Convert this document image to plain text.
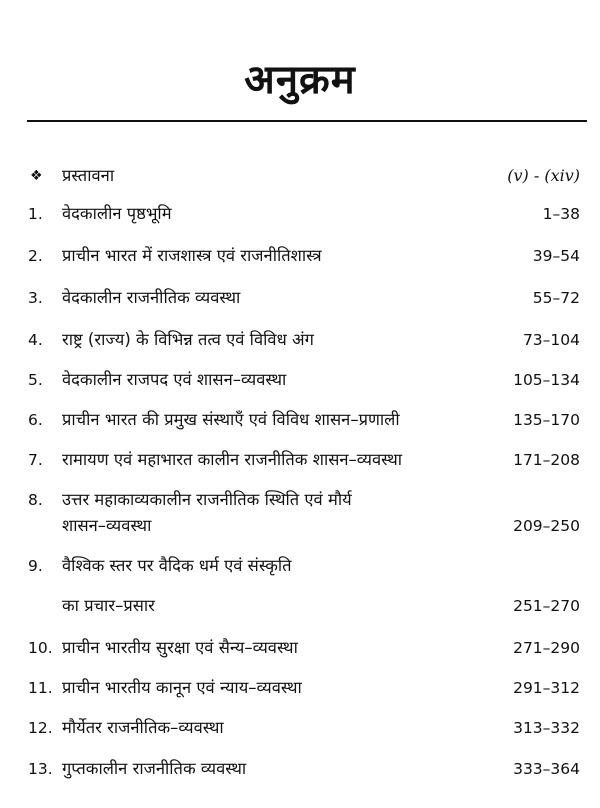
अनुक्रम
❖ प्रस्तावना	(v) - (xiv)
1.	वेदकालीन पृष्ठभूमि	1–38
2.	प्राचीन भारत में राजशास्त्र एवं राजनीतिशास्त्र	39–54
3.	वेदकालीन राजनीतिक व्यवस्था	55–72
4.	राष्ट्र (राज्य) के विभिन्न तत्व एवं विविध अंग	73–104
5.	वेदकालीन राजपद एवं शासन–व्यवस्था	105–134
6.	प्राचीन भारत की प्रमुख संस्थाएँ एवं विविध शासन–प्रणाली	135–170
7.	रामायण एवं महाभारत कालीन राजनीतिक शासन–व्यवस्था	171–208
8.	उत्तर महाकाव्यकालीन राजनीतिक स्थिति एवं मौर्य
शासन–व्यवस्था	209–250
9.	वैश्विक स्तर पर वैदिक धर्म एवं संस्कृति
का प्रचार–प्रसार	251–270
10. प्राचीन भारतीय सुरक्षा एवं सैन्य–व्यवस्था	271–290
11. प्राचीन भारतीय कानून एवं न्याय–व्यवस्था	291–312
12. मौर्येतर राजनीतिक–व्यवस्था	313–332
13. गुप्तकालीन राजनीतिक व्यवस्था	333–364
